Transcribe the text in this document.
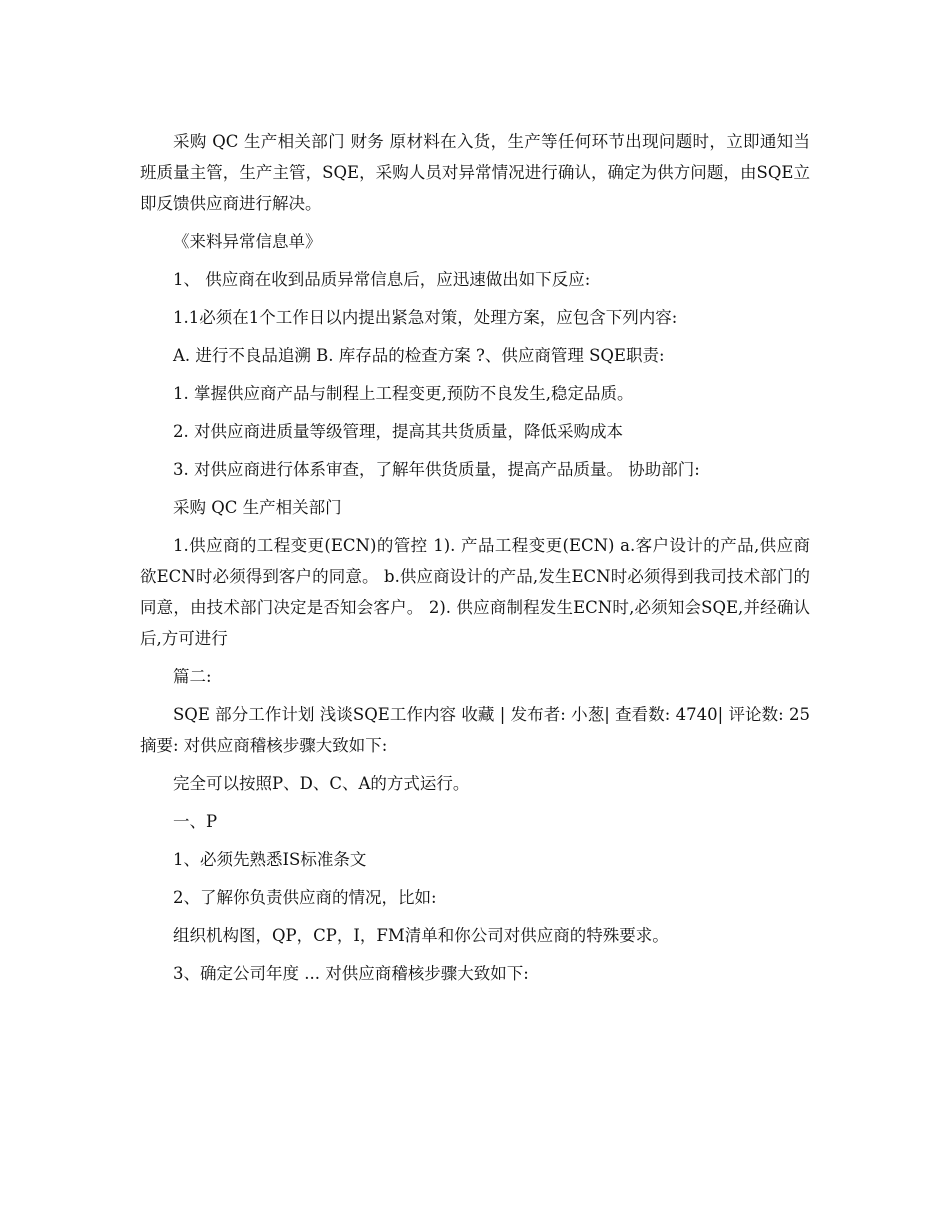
采购 QC 生产相关部门 财务 原材料在入货，生产等任何环节出现问题时，立即通知当班质量主管，生产主管，SQE，采购人员对异常情况进行确认，确定为供方问题，由SQE立即反馈供应商进行解决。

《来料异常信息单》

1、 供应商在收到品质异常信息后，应迅速做出如下反应:

1.1必须在1个工作日以内提出紧急对策，处理方案，应包含下列内容:

A. 进行不良品追溯 B. 库存品的检查方案 ?、供应商管理 SQE职责:

1. 掌握供应商产品与制程上工程变更,预防不良发生,稳定品质。

2. 对供应商进质量等级管理，提高其共货质量，降低采购成本

3. 对供应商进行体系审查，了解年供货质量，提高产品质量。 协助部门:

采购 QC 生产相关部门

1.供应商的工程变更(ECN)的管控 1). 产品工程变更(ECN) a.客户设计的产品,供应商欲ECN时必须得到客户的同意。 b.供应商设计的产品,发生ECN时必须得到我司技术部门的同意，由技术部门决定是否知会客户。 2). 供应商制程发生ECN时,必须知会SQE,并经确认后,方可进行

篇二:

SQE 部分工作计划 浅谈SQE工作内容 收藏 | 发布者: 小葱| 查看数: 4740| 评论数: 25 摘要: 对供应商稽核步骤大致如下:

完全可以按照P、D、C、A的方式运行。

一、P

1、必须先熟悉IS标准条文

2、了解你负责供应商的情况，比如:

组织机构图，QP，CP，I，FM清单和你公司对供应商的特殊要求。

3、确定公司年度 ... 对供应商稽核步骤大致如下:
